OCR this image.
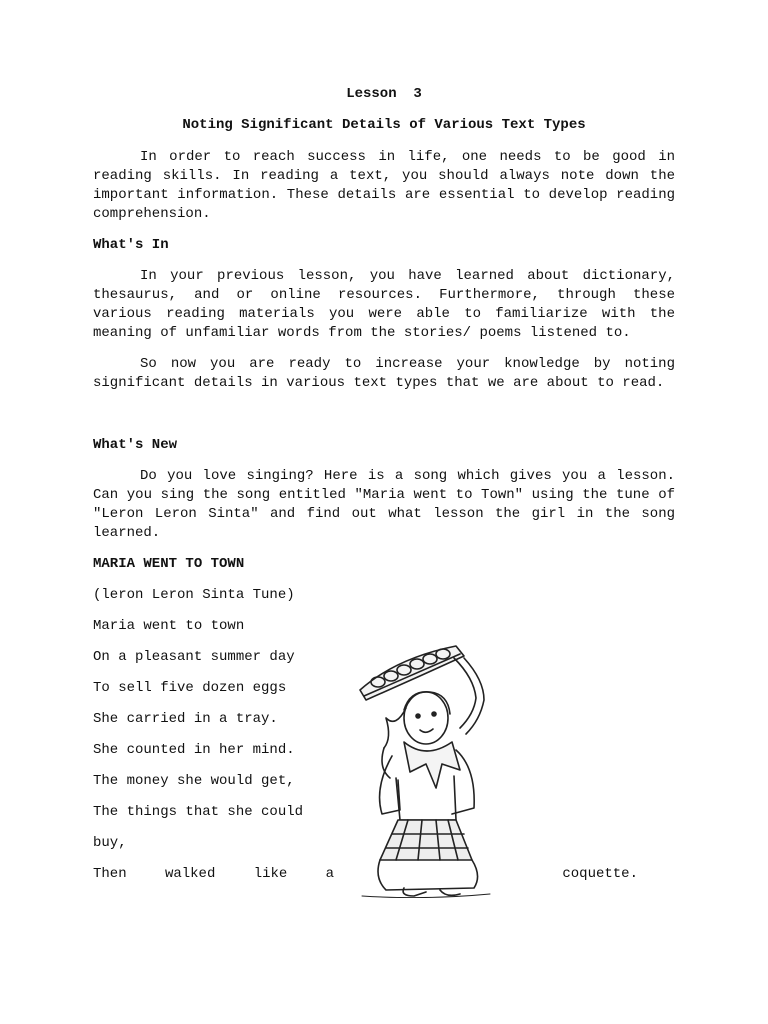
Lesson  3
Noting Significant Details of Various Text Types

In order to reach success in life, one needs to be good in reading skills. In reading a text, you should always note down the important information. These details are essential to develop reading comprehension.

What's In

In your previous lesson, you have learned about dictionary, thesaurus, and or online resources. Furthermore, through these various reading materials you were able to familiarize with the meaning of unfamiliar words from the stories/ poems listened to.

So now you are ready to increase your knowledge by noting significant details in various text types that we are about to read.

What's New

Do you love singing? Here is a song which gives you a lesson. Can you sing the song entitled "Maria went to Town" using the tune of "Leron Leron Sinta" and find out what lesson the girl in the song learned.

MARIA WENT TO TOWN
(leron Leron Sinta Tune)
Maria went to town
On a pleasant summer day
To sell five dozen eggs
She carried in a tray.
She counted in her mind.
The money she would get,
The things that she could
buy,
Then	walked	like	a	coquette.
